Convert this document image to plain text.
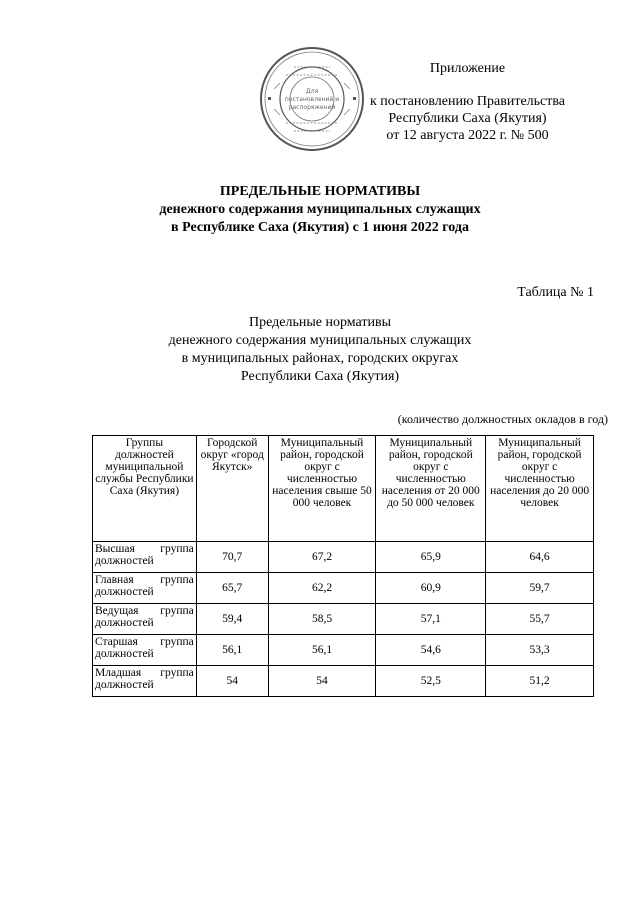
Для
постановлений и
распоряжений
Приложение
к постановлению Правительства
Республики Саха (Якутия)
от 12 августа 2022 г. № 500
ПРЕДЕЛЬНЫЕ НОРМАТИВЫ
денежного содержания муниципальных служащих
в Республике Саха (Якутия) с 1 июня 2022 года
Таблица № 1
Предельные нормативы
денежного содержания муниципальных служащих
в муниципальных районах, городских округах
Республики Саха (Якутия)
(количество должностных окладов в год)
Группы должностей муниципальной службы Республики Саха (Якутия)	Городской округ «город Якутск»	Муниципальный район, городской округ с численностью населения свыше 50 000 человек	Муниципальный район, городской округ с численностью населения от 20 000 до 50 000 человек	Муниципальный район, городской округ с численностью населения до 20 000 человек
Высшая группа должностей	70,7	67,2	65,9	64,6
Главная группа должностей	65,7	62,2	60,9	59,7
Ведущая группа должностей	59,4	58,5	57,1	55,7
Старшая группа должностей	56,1	56,1	54,6	53,3
Младшая группа должностей	54	54	52,5	51,2
